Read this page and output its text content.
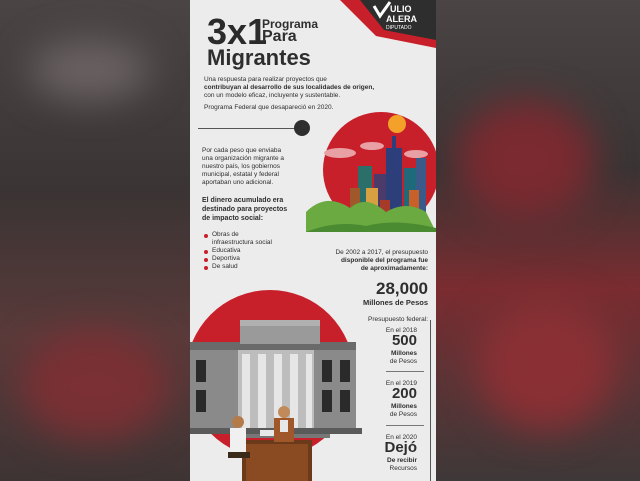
ULIO
ALERA
DIPUTADO
3x1
Programa
Para
Migrantes
Una respuesta para realizar proyectos que
contribuyan al desarrollo de sus localidades de origen,
con un modelo eficaz, incluyente y sustentable.
Programa Federal que desapareció en 2020.
Por cada peso que enviaba
una organización migrante a
nuestro país, los gobiernos
municipal, estatal y federal
aportaban uno adicional.
El dinero acumulado era
destinado para proyectos
de impacto social:
Obras de
infraestructura social
Educativa
Deportiva
De salud
De 2002 a 2017, el presupuesto
disponible del programa fue
de aproximadamente:
28,000
Millones de Pesos
Presupuesto federal:
En el 2018
500
Millones
de Pesos
En el 2019
200
Millones
de Pesos
En el 2020
Dejó
De recibir
Recursos
